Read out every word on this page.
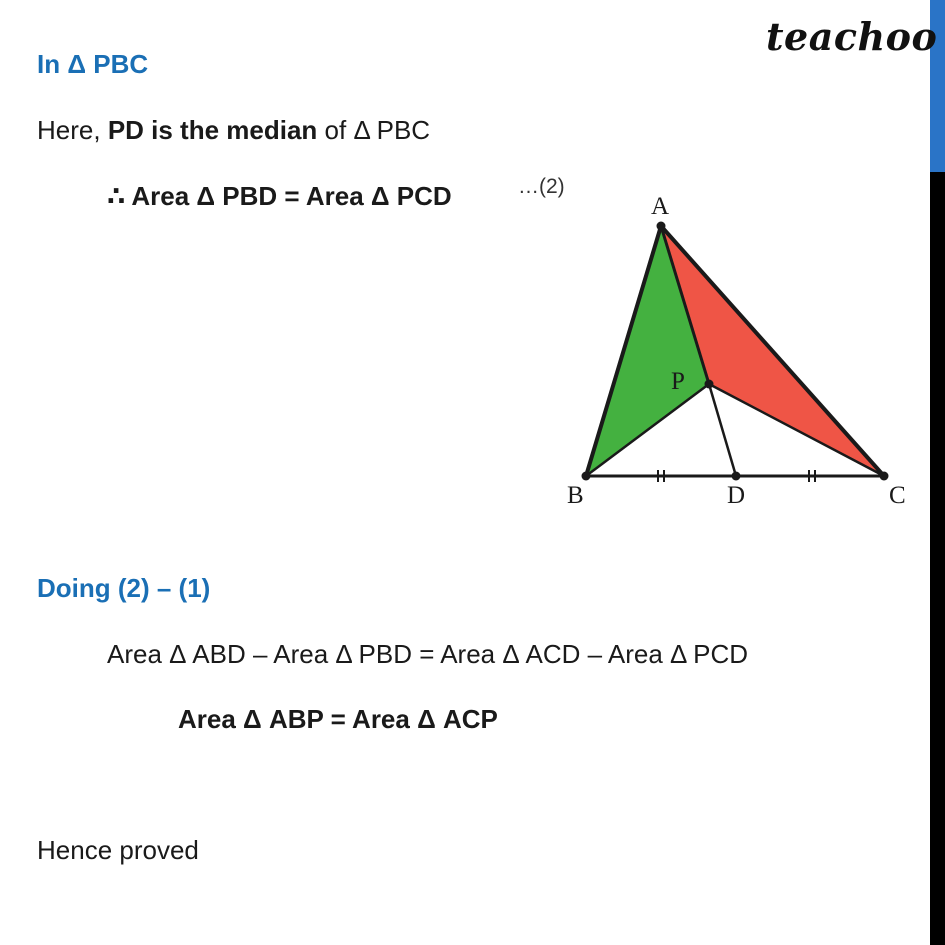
teachoo
In Δ PBC
Here, PD is the median of Δ PBC
∴ Area Δ PBD = Area Δ PCD	…(2)
A
B	C
D
P
Doing (2) – (1)
Area Δ ABD – Area Δ PBD = Area Δ ACD – Area Δ PCD
Area Δ ABP = Area Δ ACP
Hence proved
